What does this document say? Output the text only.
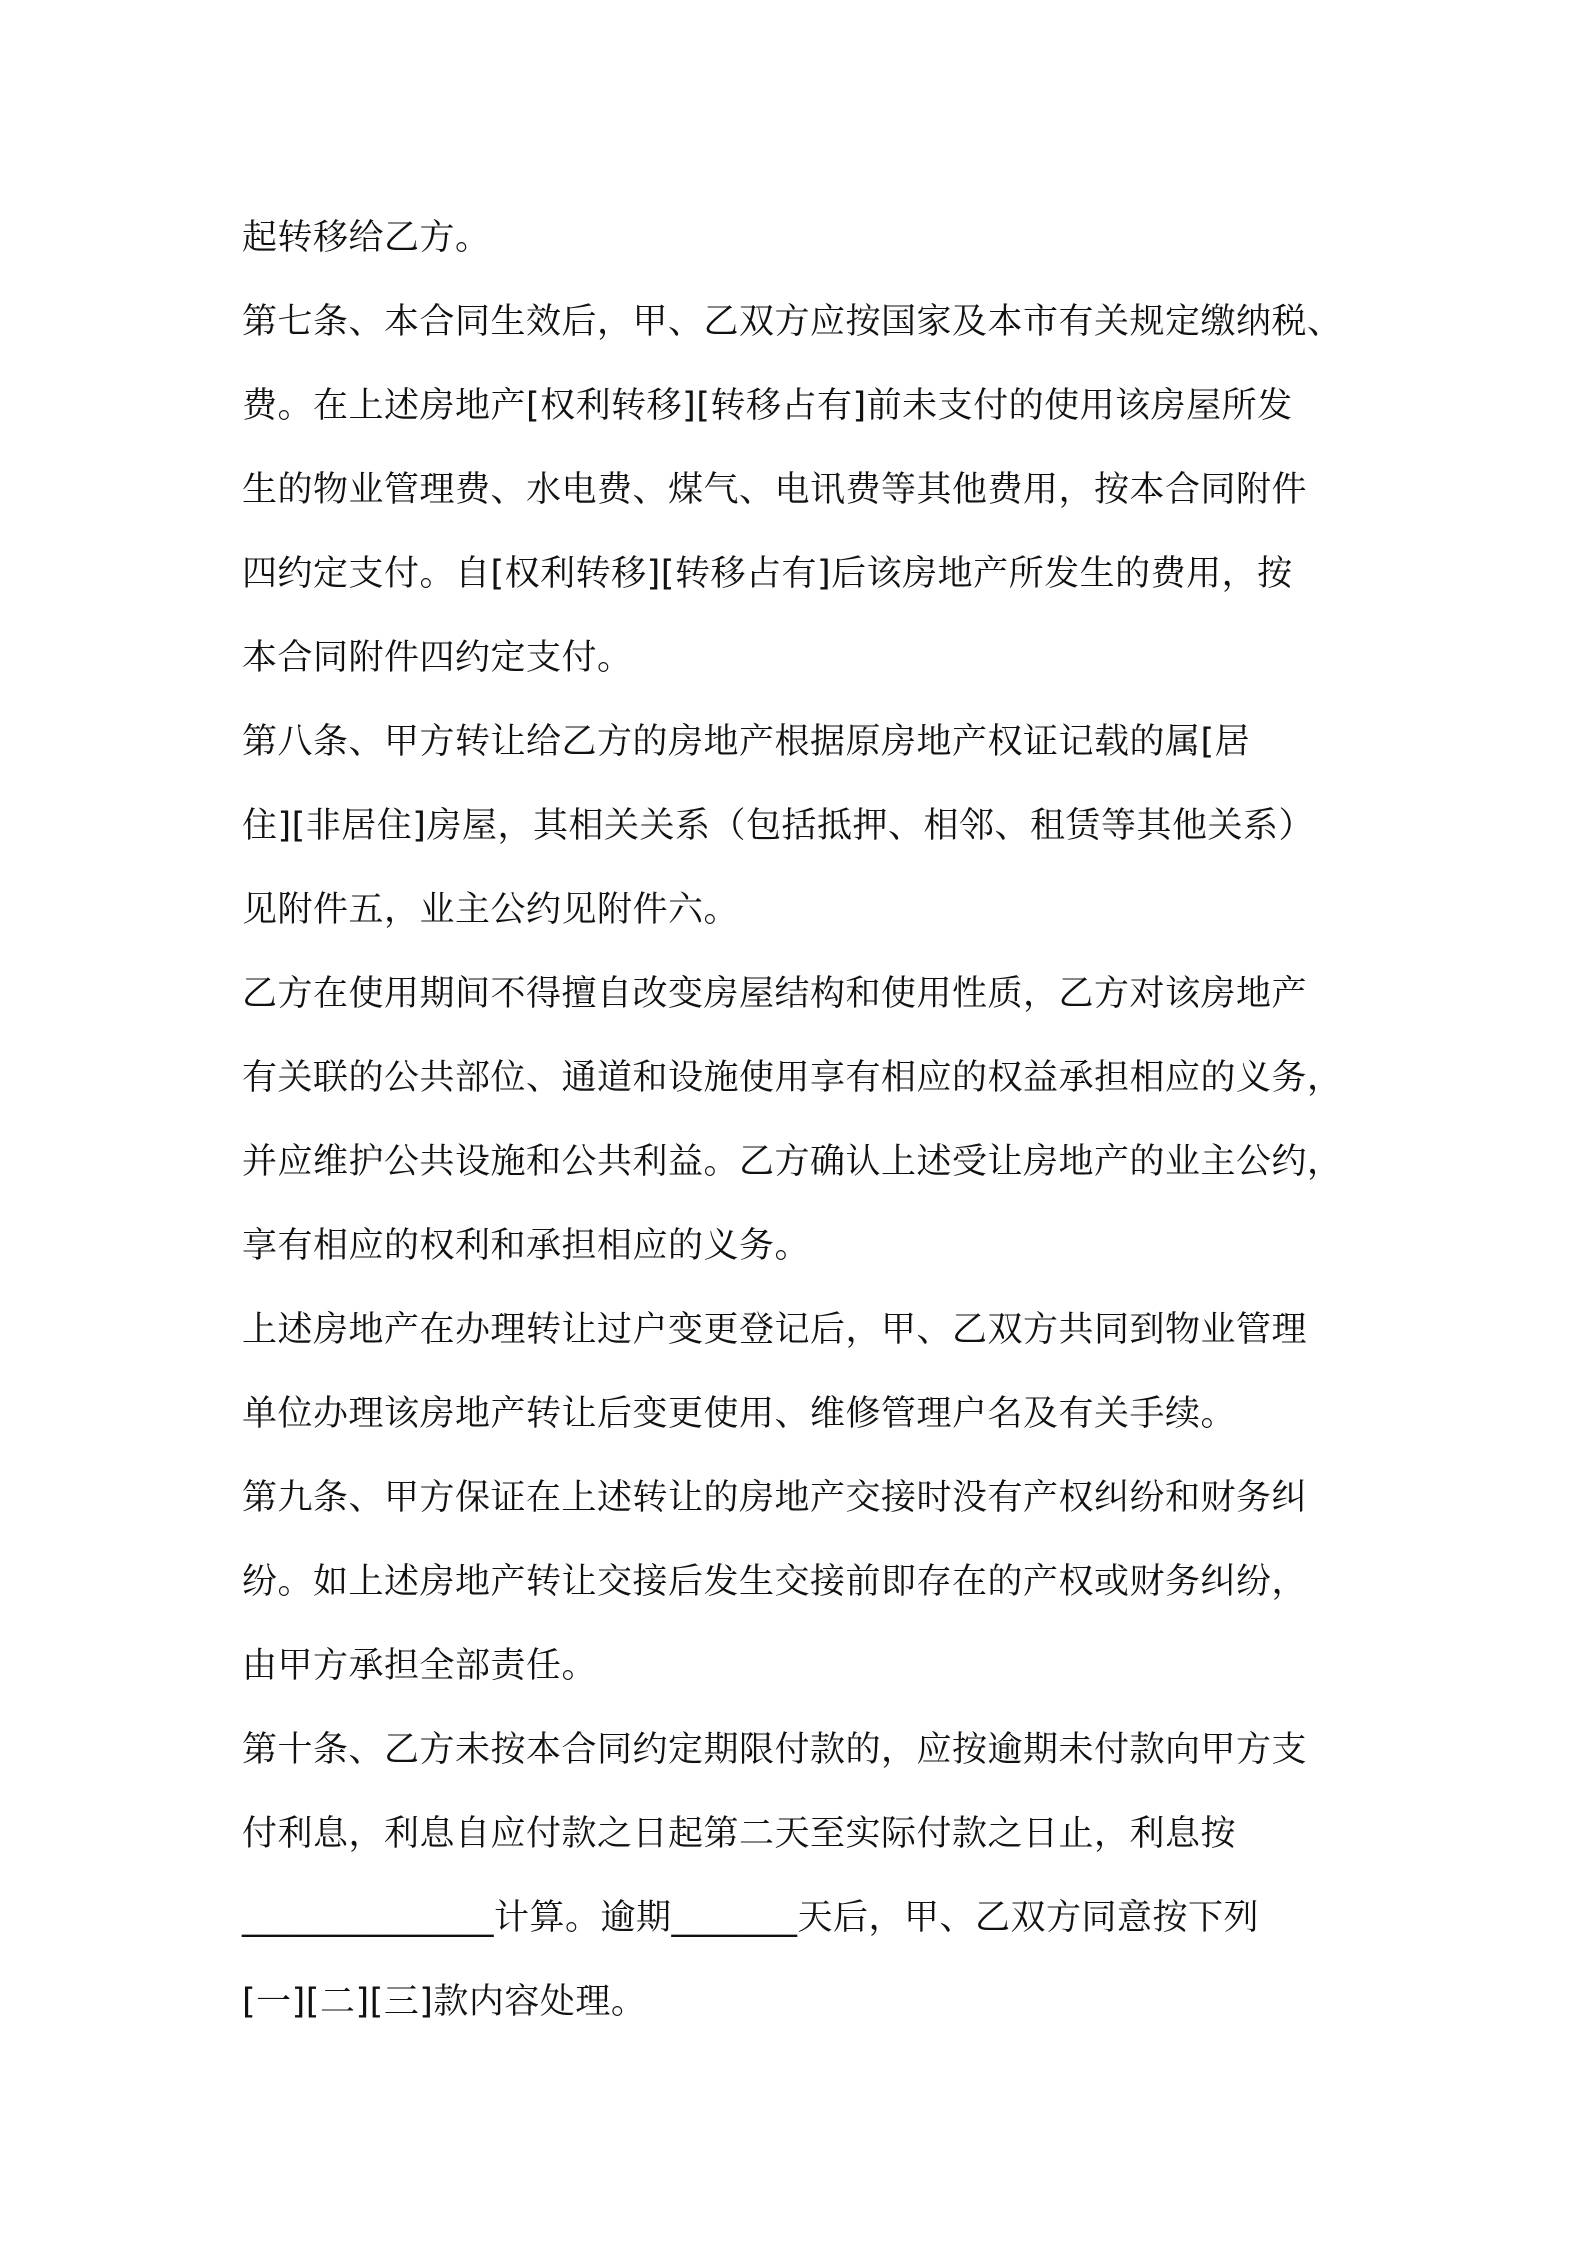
起转移给乙方。
第七条、本合同生效后，甲、乙双方应按国家及本市有关规定缴纳税、
费。在上述房地产[权利转移][转移占有]前未支付的使用该房屋所发
生的物业管理费、水电费、煤气、电讯费等其他费用，按本合同附件
四约定支付。自[权利转移][转移占有]后该房地产所发生的费用，按
本合同附件四约定支付。
第八条、甲方转让给乙方的房地产根据原房地产权证记载的属[居
住][非居住]房屋，其相关关系（包括抵押、相邻、租赁等其他关系）
见附件五，业主公约见附件六。
乙方在使用期间不得擅自改变房屋结构和使用性质，乙方对该房地产
有关联的公共部位、通道和设施使用享有相应的权益承担相应的义务，
并应维护公共设施和公共利益。乙方确认上述受让房地产的业主公约，
享有相应的权利和承担相应的义务。
上述房地产在办理转让过户变更登记后，甲、乙双方共同到物业管理
单位办理该房地产转让后变更使用、维修管理户名及有关手续。
第九条、甲方保证在上述转让的房地产交接时没有产权纠纷和财务纠
纷。如上述房地产转让交接后发生交接前即存在的产权或财务纠纷，
由甲方承担全部责任。
第十条、乙方未按本合同约定期限付款的，应按逾期未付款向甲方支
付利息，利息自应付款之日起第二天至实际付款之日止，利息按
______________计算。逾期_______天后，甲、乙双方同意按下列
[一][二][三]款内容处理。
